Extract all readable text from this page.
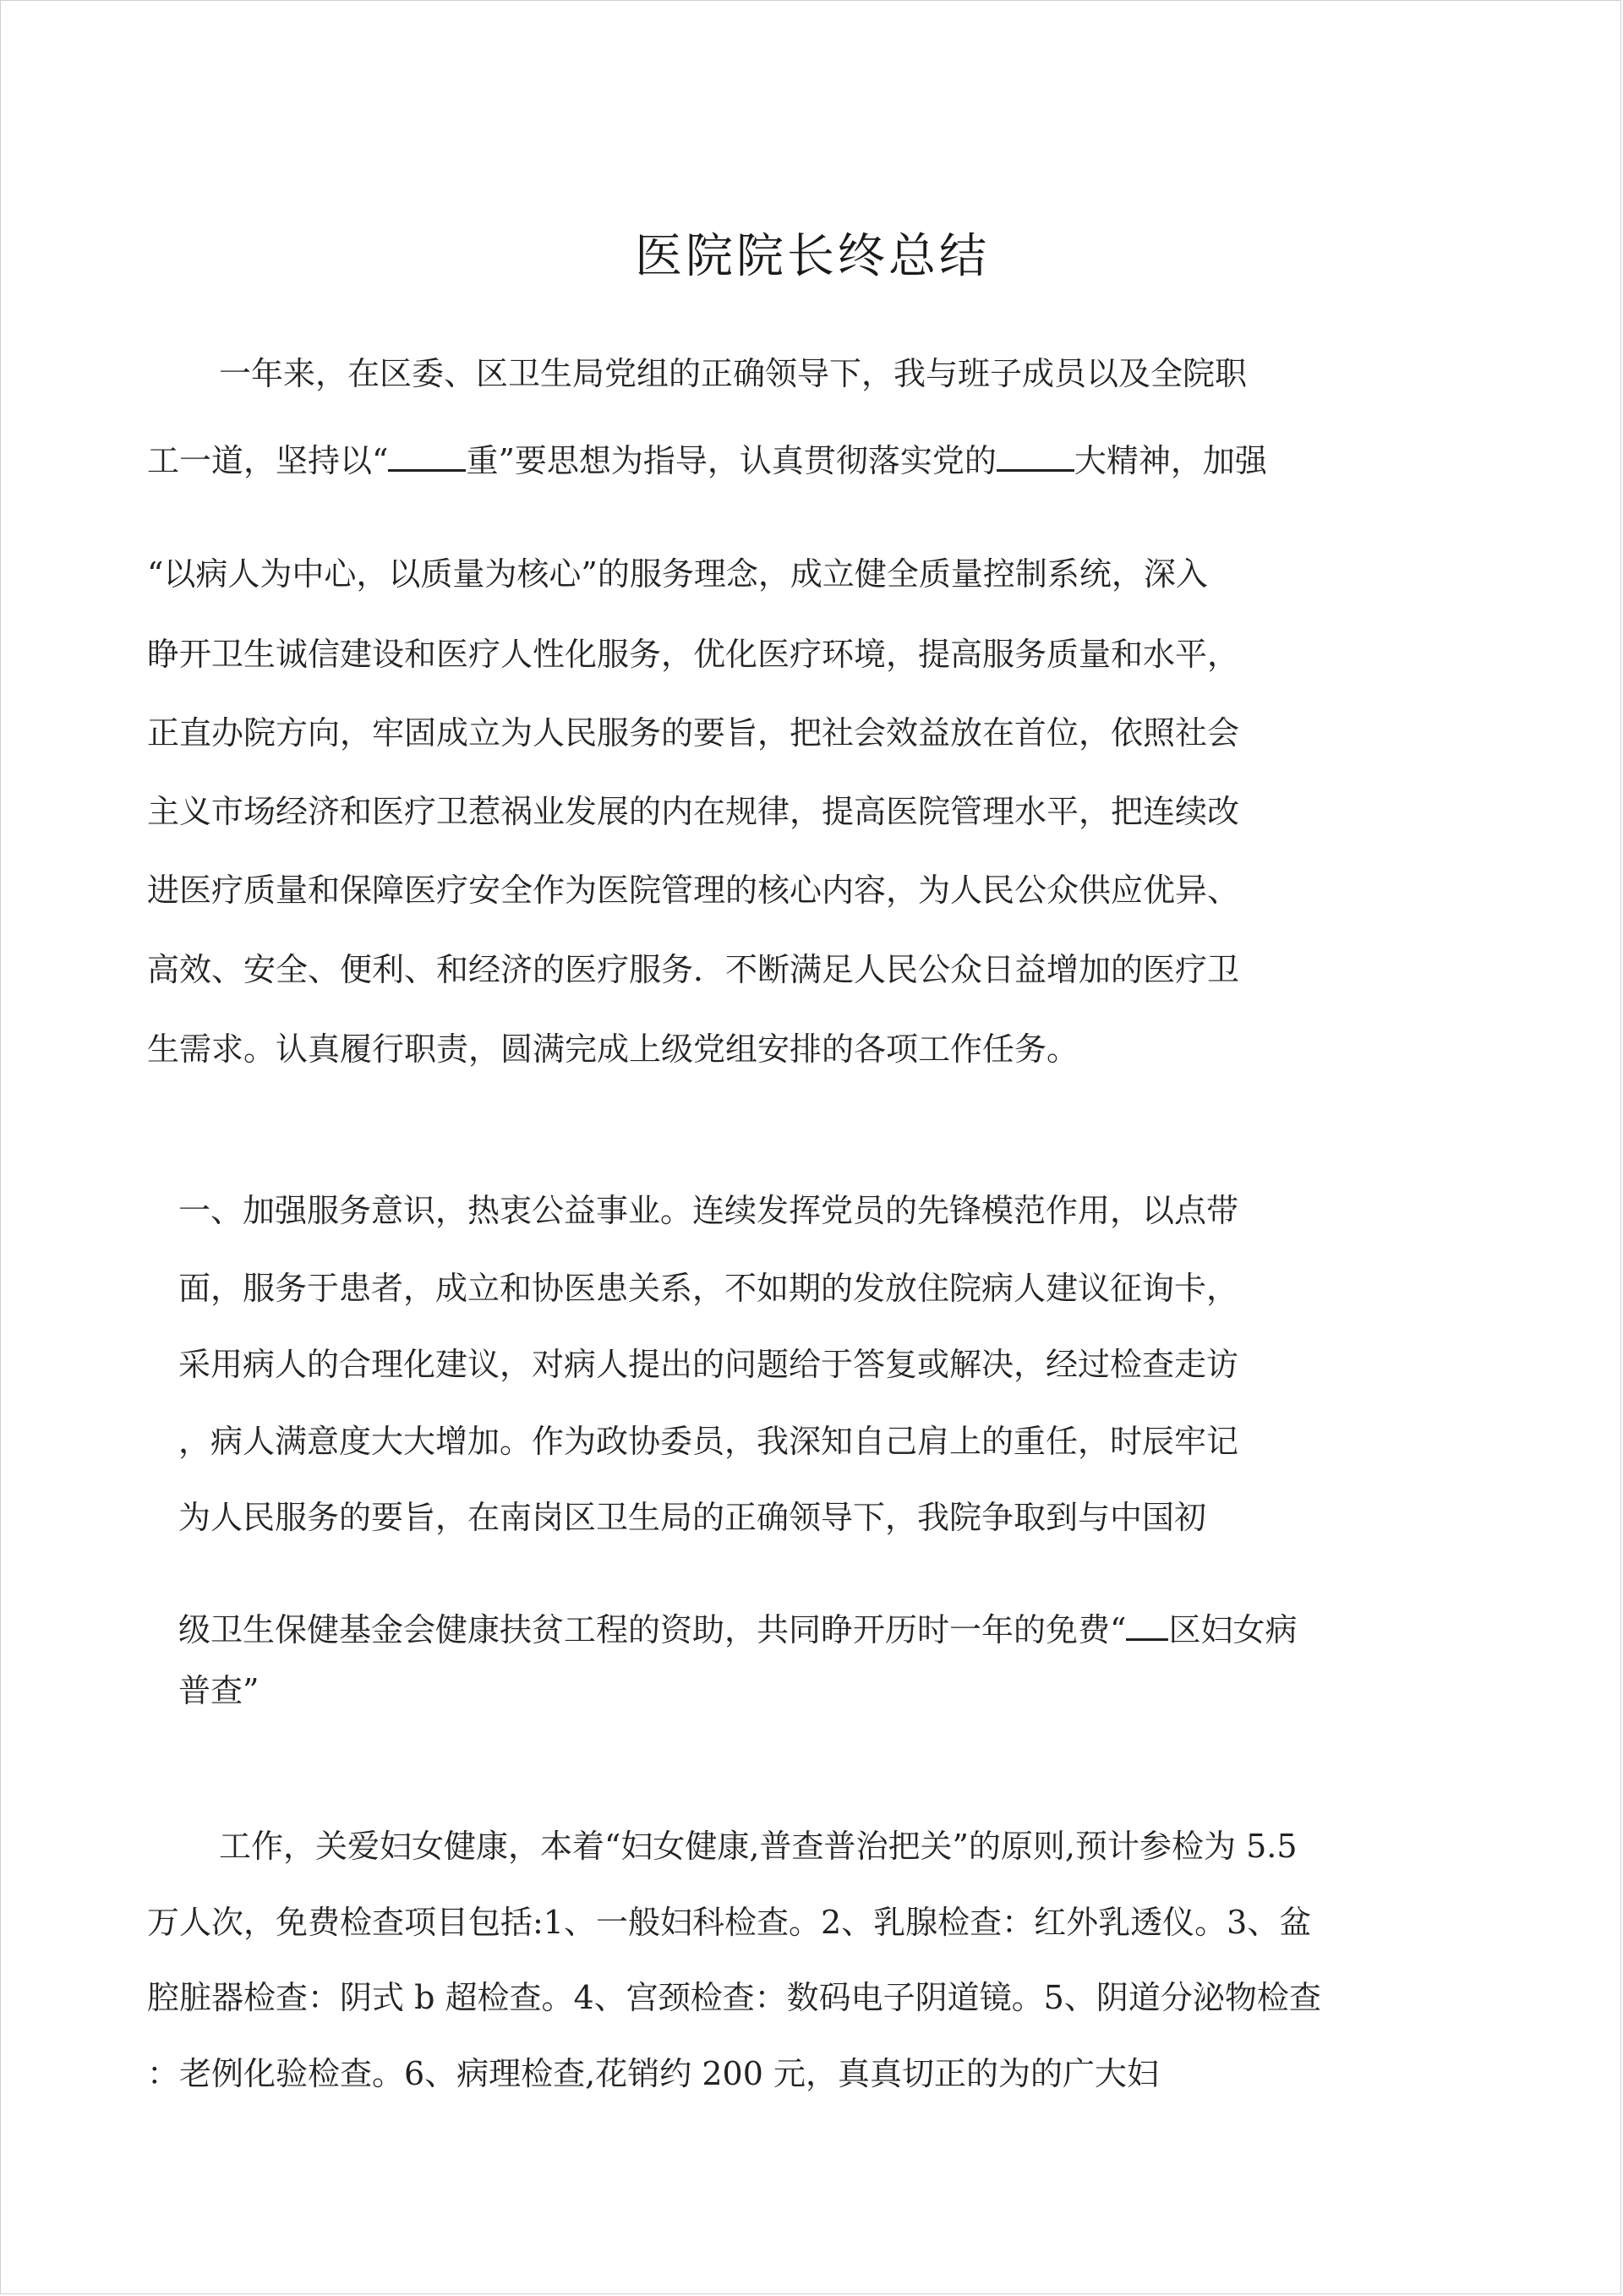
医院院长终总结
一年来，在区委、区卫生局党组的正确领导下，我与班子成员以及全院职
工一道，坚持以“ 重”要思想为指导，认真贯彻落实党的 大精神，加强
“以病人为中心，以质量为核心”的服务理念，成立健全质量控制系统，深入
睁开卫生诚信建设和医疗人性化服务，优化医疗环境，提高服务质量和水平，
正直办院方向，牢固成立为人民服务的要旨，把社会效益放在首位，依照社会
主义市场经济和医疗卫惹祸业发展的内在规律，提高医院管理水平，把连续改
进医疗质量和保障医疗安全作为医院管理的核心内容，为人民公众供应优异、
高效、安全、便利、和经济的医疗服务．不断满足人民公众日益增加的医疗卫
生需求。认真履行职责，圆满完成上级党组安排的各项工作任务。
一、加强服务意识，热衷公益事业。连续发挥党员的先锋模范作用，以点带
面，服务于患者，成立和协医患关系，不如期的发放住院病人建议征询卡，
采用病人的合理化建议，对病人提出的问题给于答复或解决，经过检查走访
，病人满意度大大增加。作为政协委员，我深知自己肩上的重任，时辰牢记
为人民服务的要旨，在南岗区卫生局的正确领导下，我院争取到与中国初
级卫生保健基金会健康扶贫工程的资助，共同睁开历时一年的免费“ 区妇女病
普查”
工作，关爱妇女健康，本着“妇女健康,普查普治把关”的原则,预计参检为 5.5
万人次，免费检查项目包括:1、一般妇科检查。2、乳腺检查：红外乳透仪。3、盆
腔脏器检查：阴式 b 超检查。4、宫颈检查：数码电子阴道镜。5、阴道分泌物检查
：老例化验检查。6、病理检查,花销约 200 元，真真切正的为的广大妇
